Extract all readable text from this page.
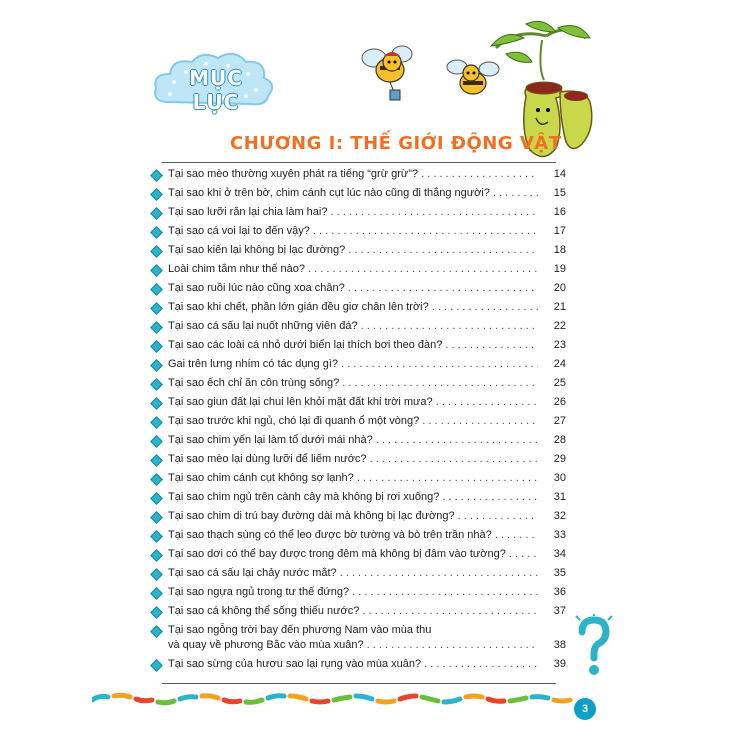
MỤC LỤC
CHƯƠNG I: THẾ GIỚI ĐỘNG VẬT
Tại sao mèo thường xuyên phát ra tiếng “grừ grừ”? . . .	14
Tại sao khi ở trên bờ, chim cánh cụt lúc nào cũng đi thẳng người? . . .	15
Tại sao lưỡi rắn lại chia làm hai? . . .	16
Tại sao cá voi lại to đến vậy? . . .	17
Tại sao kiến lại không bị lạc đường? . . .	18
Loài chim tắm như thế nào? . . .	19
Tại sao ruồi lúc nào cũng xoa chân? . . .	20
Tại sao khi chết, phần lớn gián đều giơ chân lên trời? . . .	21
Tại sao cá sấu lại nuốt những viên đá? . . .	22
Tại sao các loài cá nhỏ dưới biển lại thích bơi theo đàn? . . .	23
Gai trên lưng nhím có tác dụng gì? . . .	24
Tại sao ếch chỉ ăn côn trùng sống? . . .	25
Tại sao giun đất lại chui lên khỏi mặt đất khi trời mưa? . . .	26
Tại sao trước khi ngủ, chó lại đi quanh ổ một vòng? . . .	27
Tại sao chim yến lại làm tổ dưới mái nhà? . . .	28
Tại sao mèo lại dùng lưỡi để liếm nước? . . .	29
Tại sao chim cánh cụt không sợ lạnh? . . .	30
Tại sao chim ngủ trên cành cây mà không bị rơi xuống? . . .	31
Tại sao chim di trú bay đường dài mà không bị lạc đường? . . .	32
Tại sao thạch sùng có thể leo được bờ tường và bò trên trần nhà? . . .	33
Tại sao dơi có thể bay được trong đêm mà không bị đâm vào tường? . . .	34
Tại sao cá sấu lại chảy nước mắt? . . .	35
Tại sao ngựa ngủ trong tư thế đứng? . . .	36
Tại sao cá không thể sống thiếu nước? . . .	37
Tại sao ngỗng trời bay đến phương Nam vào mùa thu
và quay về phương Bắc vào mùa xuân? . . .	38
Tại sao sừng của hươu sao lại rụng vào mùa xuân? . . .	39
3
